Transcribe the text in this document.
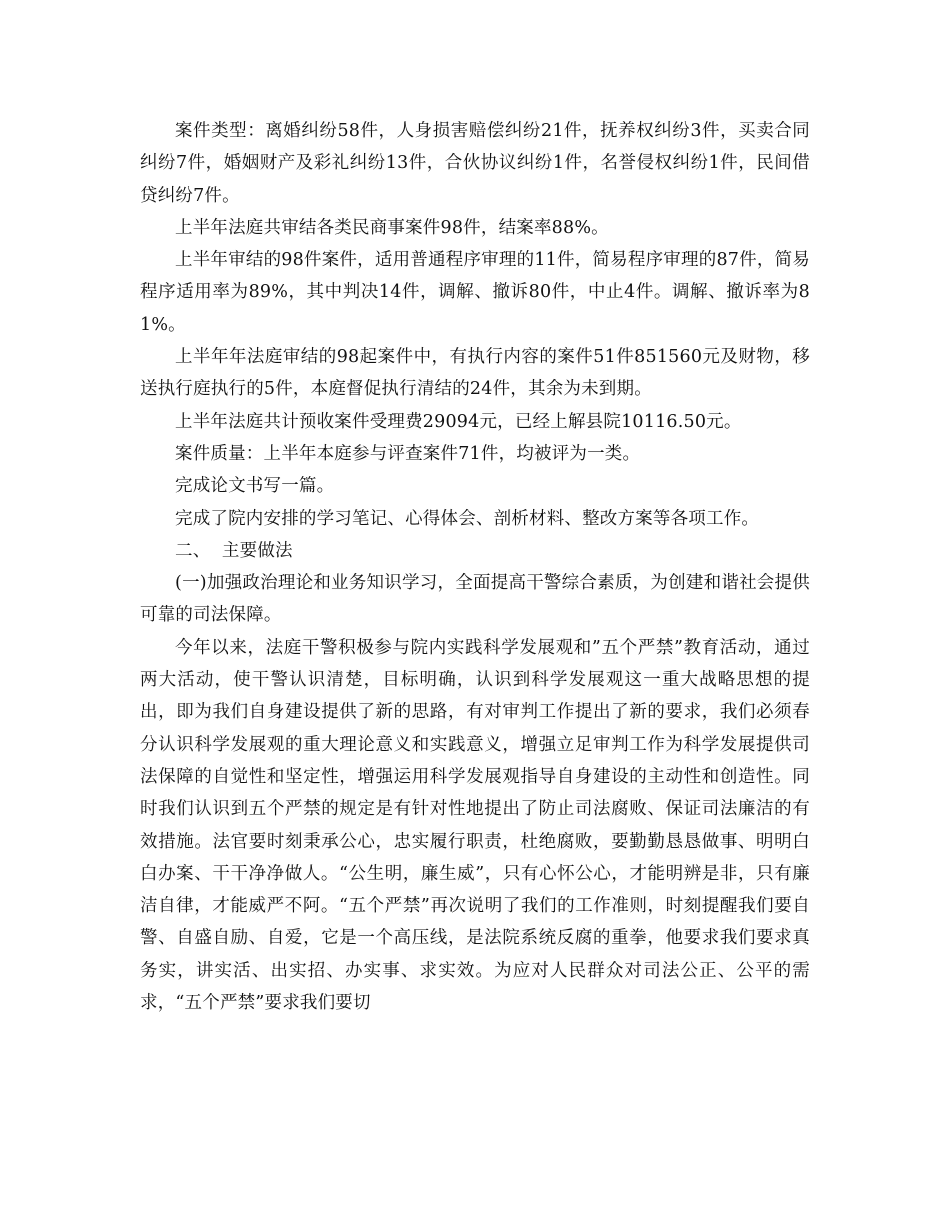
案件类型：离婚纠纷58件，人身损害赔偿纠纷21件，抚养权纠纷3件，买卖合同纠纷7件，婚姻财产及彩礼纠纷13件，合伙协议纠纷1件，名誉侵权纠纷1件，民间借贷纠纷7件。

上半年法庭共审结各类民商事案件98件，结案率88%。

上半年审结的98件案件，适用普通程序审理的11件，简易程序审理的87件，简易程序适用率为89%，其中判决14件，调解、撤诉80件，中止4件。调解、撤诉率为81%。

上半年年法庭审结的98起案件中，有执行内容的案件51件851560元及财物，移送执行庭执行的5件，本庭督促执行清结的24件，其余为未到期。

上半年法庭共计预收案件受理费29094元，已经上解县院10116.50元。

案件质量：上半年本庭参与评查案件71件，均被评为一类。

完成论文书写一篇。

完成了院内安排的学习笔记、心得体会、剖析材料、整改方案等各项工作。

二、  主要做法

(一)加强政治理论和业务知识学习，全面提高干警综合素质，为创建和谐社会提供可靠的司法保障。

今年以来，法庭干警积极参与院内实践科学发展观和”五个严禁”教育活动，通过两大活动，使干警认识清楚，目标明确，认识到科学发展观这一重大战略思想的提出，即为我们自身建设提供了新的思路，有对审判工作提出了新的要求，我们必须春分认识科学发展观的重大理论意义和实践意义，增强立足审判工作为科学发展提供司法保障的自觉性和坚定性，增强运用科学发展观指导自身建设的主动性和创造性。同时我们认识到五个严禁的规定是有针对性地提出了防止司法腐败、保证司法廉洁的有效措施。法官要时刻秉承公心，忠实履行职责，杜绝腐败，要勤勤恳恳做事、明明白白办案、干干净净做人。“公生明，廉生威”，只有心怀公心，才能明辨是非，只有廉洁自律，才能威严不阿。“五个严禁”再次说明了我们的工作准则，时刻提醒我们要自警、自盛自励、自爱，它是一个高压线，是法院系统反腐的重拳，他要求我们要求真务实，讲实活、出实招、办实事、求实效。为应对人民群众对司法公正、公平的需求，“五个严禁”要求我们要切
